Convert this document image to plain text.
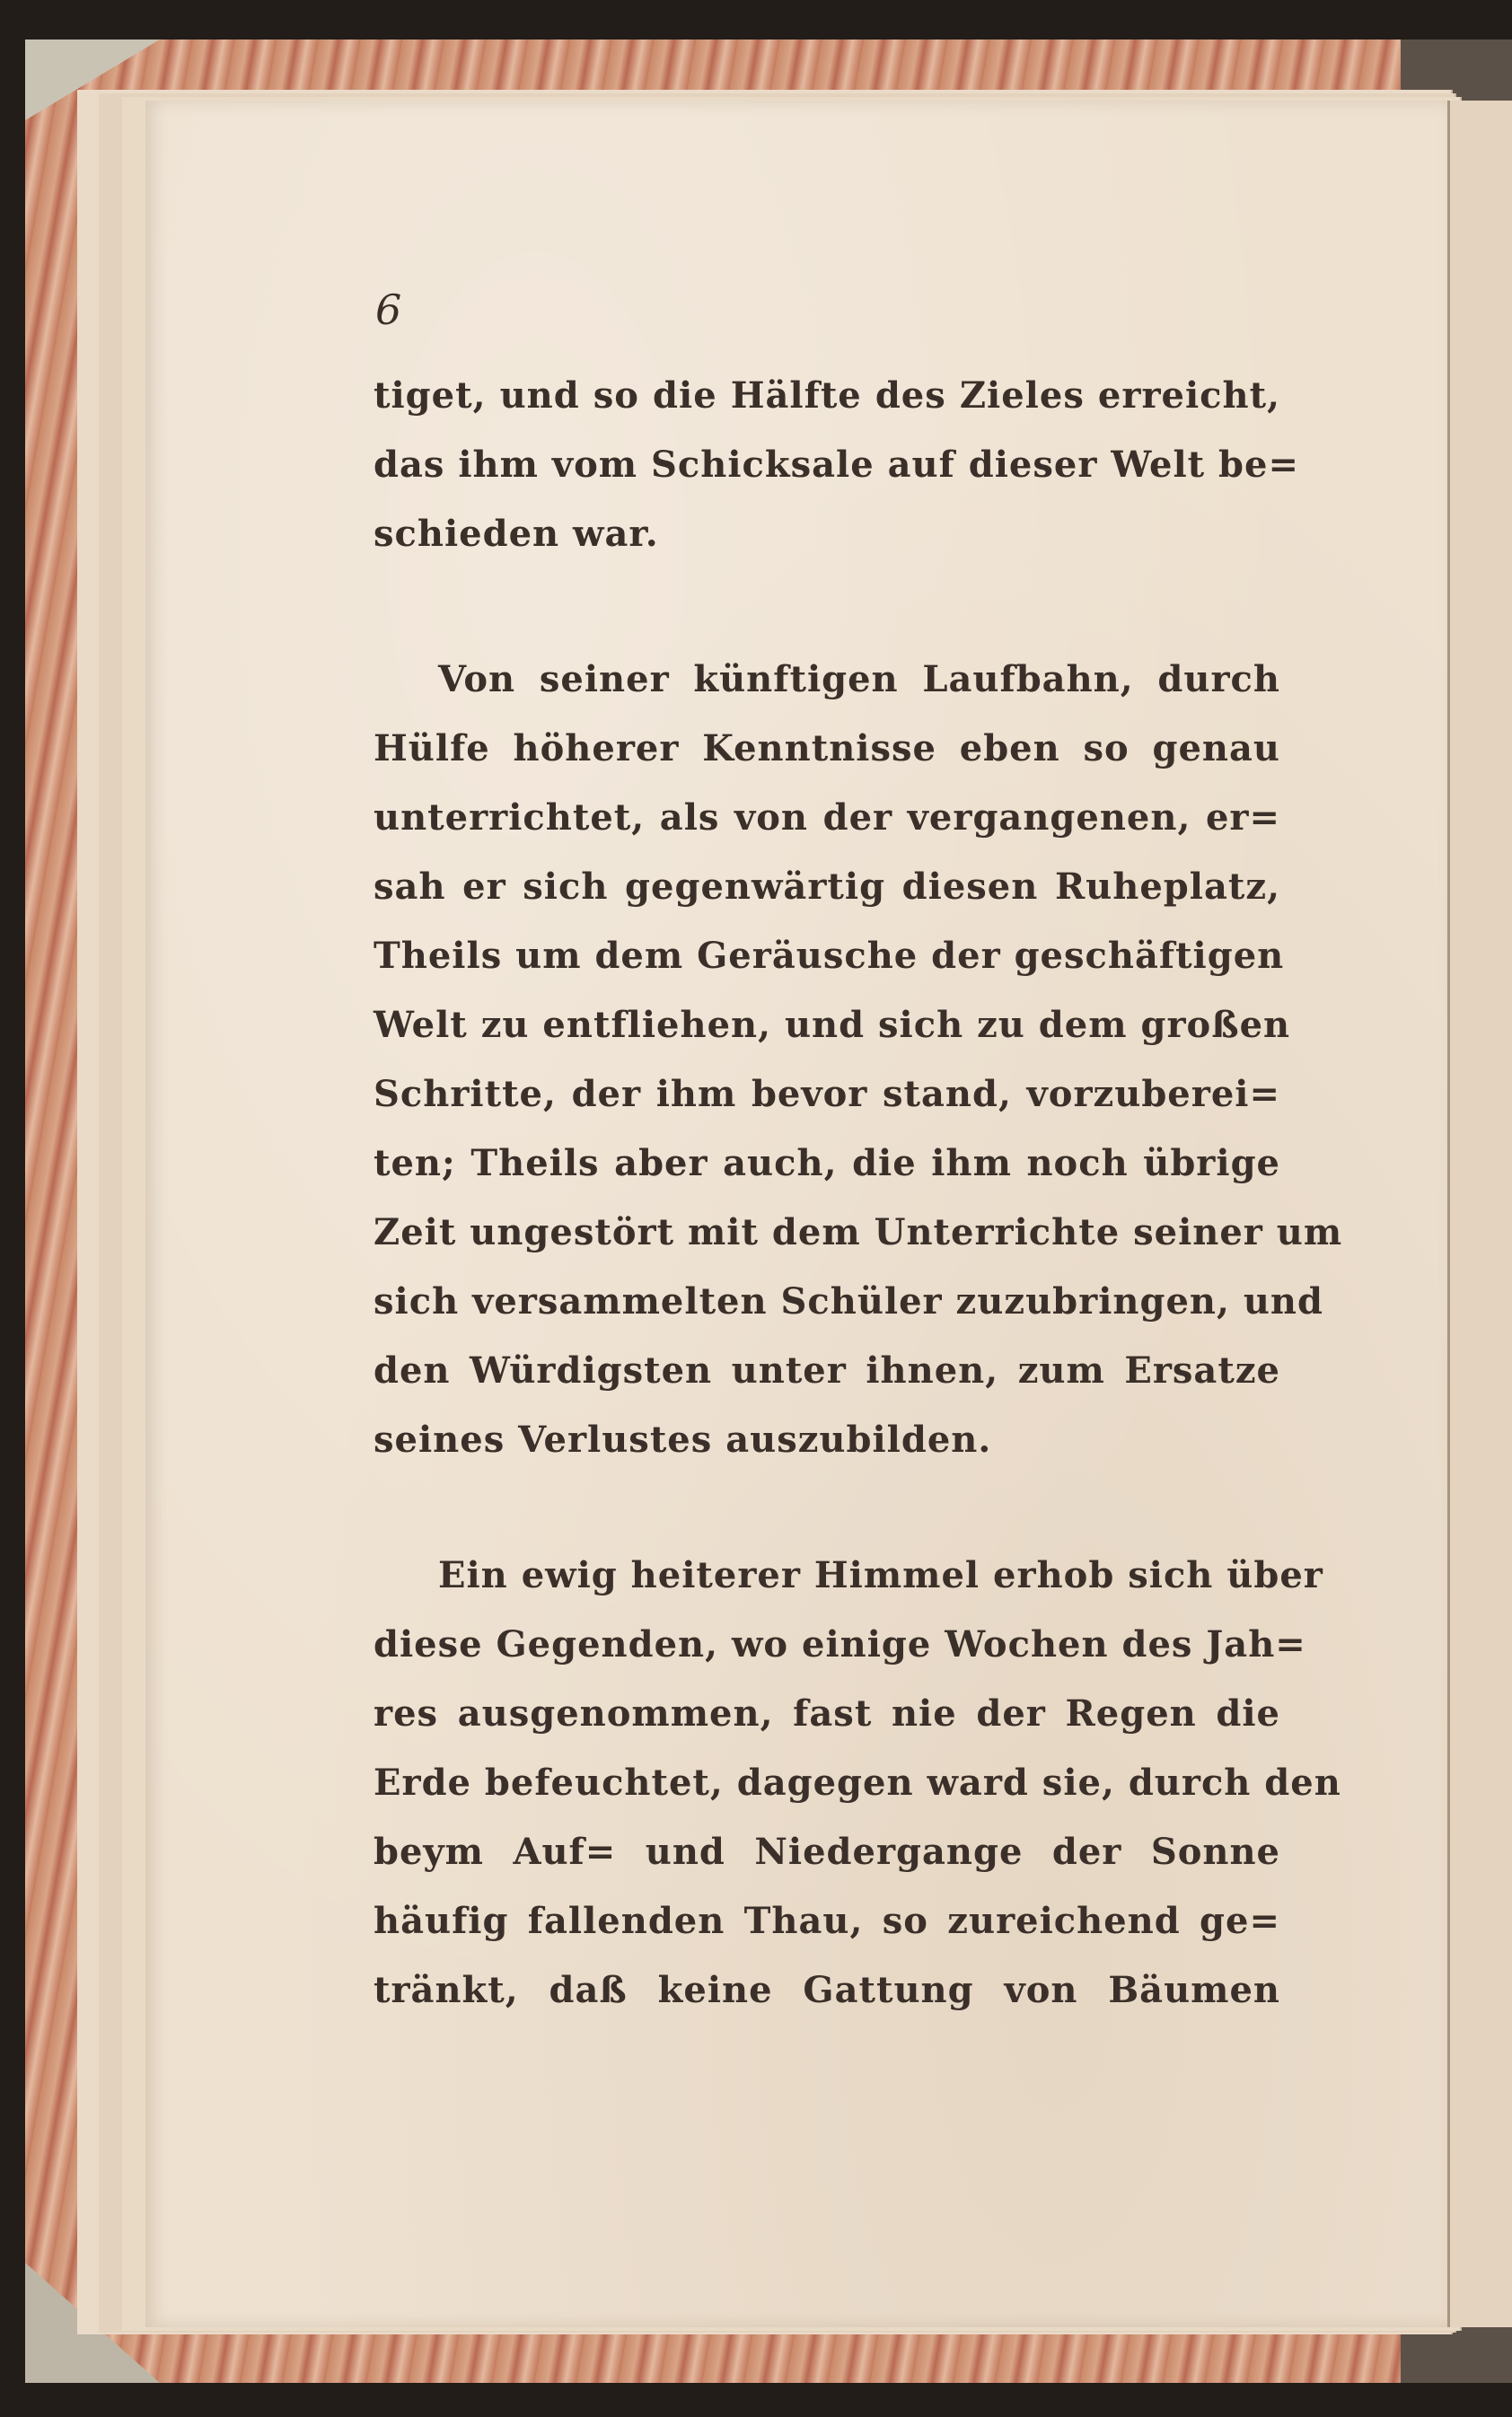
6
tiget, und so die Hälfte des Zieles erreicht,
das ihm vom Schicksale auf dieser Welt be=
schieden war.
Von seiner künftigen Laufbahn, durch
Hülfe höherer Kenntnisse eben so genau
unterrichtet, als von der vergangenen, er=
sah er sich gegenwärtig diesen Ruheplatz,
Theils um dem Geräusche der geschäftigen
Welt zu entfliehen, und sich zu dem großen
Schritte, der ihm bevor stand, vorzuberei=
ten; Theils aber auch, die ihm noch übrige
Zeit ungestört mit dem Unterrichte seiner um
sich versammelten Schüler zuzubringen, und
den Würdigsten unter ihnen, zum Ersatze
seines Verlustes auszubilden.
Ein ewig heiterer Himmel erhob sich über
diese Gegenden, wo einige Wochen des Jah=
res ausgenommen, fast nie der Regen die
Erde befeuchtet, dagegen ward sie, durch den
beym Auf= und Niedergange der Sonne
häufig fallenden Thau, so zureichend ge=
tränkt, daß keine Gattung von Bäumen
